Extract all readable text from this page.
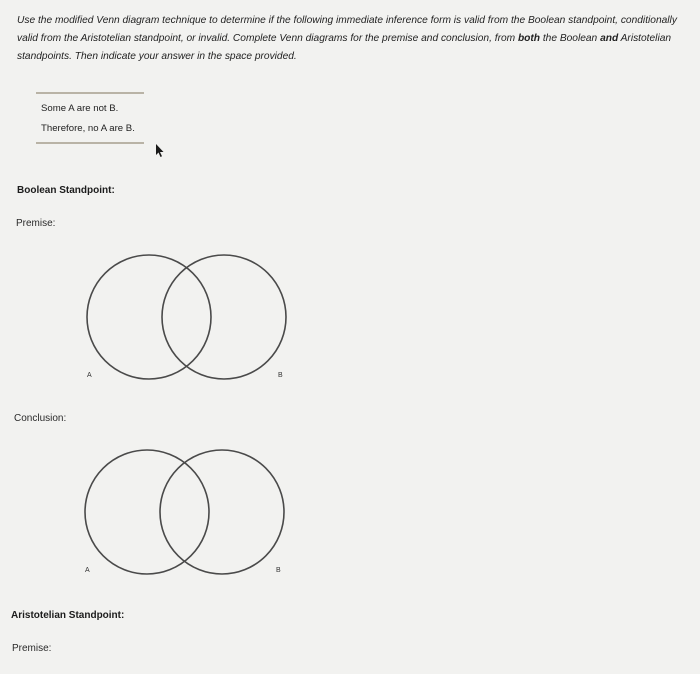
Use the modified Venn diagram technique to determine if the following immediate inference form is valid from the Boolean standpoint, conditionally valid from the Aristotelian standpoint, or invalid. Complete Venn diagrams for the premise and conclusion, from both the Boolean and Aristotelian standpoints. Then indicate your answer in the space provided.
Some A are not B.
Therefore, no A are B.
Boolean Standpoint:
Premise:
A	B
Conclusion:
A	B
Aristotelian Standpoint:
Premise:
